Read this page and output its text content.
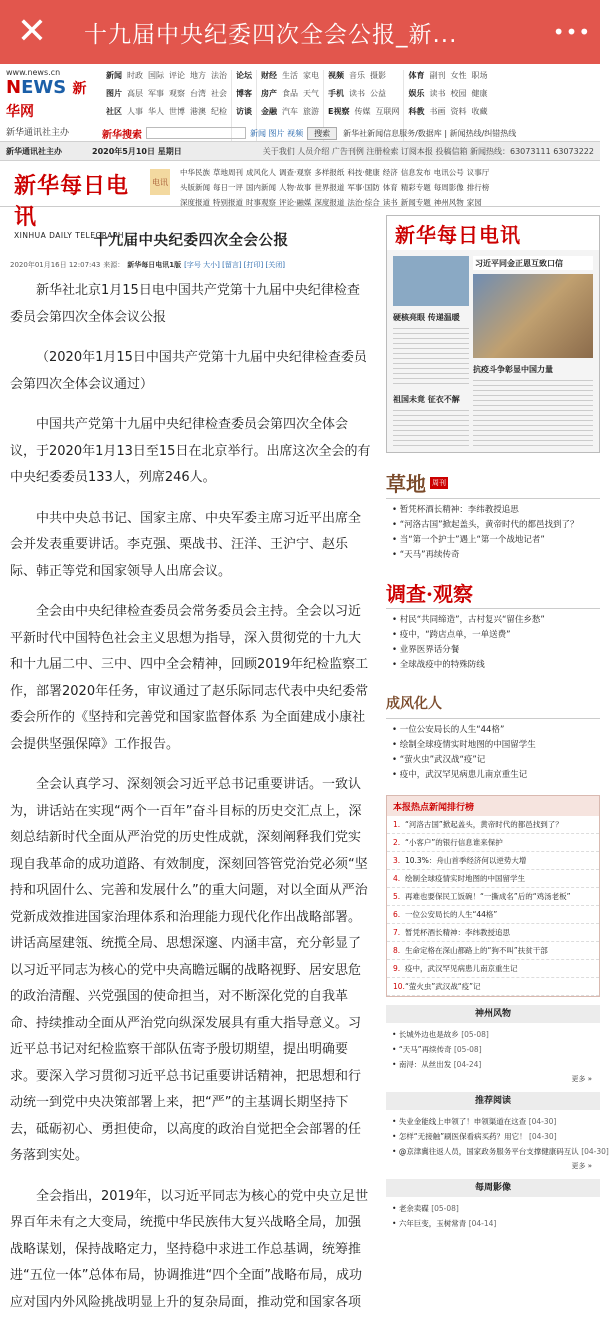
✕	十九届中央纪委四次全会公报_新...	•••
www.news.cn
NEWS 新华网
新华通讯社主办
新闻 时政 国际 评论 地方 法治
图片 高层 军事 观察 台湾 社会
社区 人事 华人 世博 港澳 纪检
论坛
博客
访谈
财经 生活 家电
房产 食品 天气
金融 汽车 旅游
视频 音乐 摄影
手机 读书 公益
E视察 传媒 互联网
体育 副刊 女性 职场
娱乐 读书 校园 健康
科教 书画 资料 收藏
新华搜索	新闻 图片 视频	搜索	新华社新闻信息服务/数据库 | 新闻热线/纠错热线
新华通讯社主办	2020年5月10日 星期日	关于我们 人员介绍 广告刊例 注册检索 订阅本报 投稿信箱 新闻热线：63073111 63073222
新华每日电讯
XINHUA DAILY TELEGRAPH
电讯
中华民族
头版新闻
深度报道
草地周刊
每日一评
特别报道
成风化人
国内新闻
时事观察
调查·观察
人物·故事
评论·融媒
多样报纸
世界报道
深度报道
科技·健康
军事·国防
法治·综合
经济
体育
读书
信息发布
精彩专题
新闻专题
电讯公号
每周影像
神州风物
议事厅
排行榜
家园
十九届中央纪委四次全会公报
2020年01月16日 12:07:43 来源： 新华每日电讯1版 [字号 大小] [留言] [打印] [关闭]

新华社北京1月15日电中国共产党第十九届中央纪律检查委员会第四次全体会议公报

（2020年1月15日中国共产党第十九届中央纪律检查委员会第四次全体会议通过）

中国共产党第十九届中央纪律检查委员会第四次全体会议，于2020年1月13日至15日在北京举行。出席这次全会的有中央纪委委员133人，列席246人。

中共中央总书记、国家主席、中央军委主席习近平出席全会并发表重要讲话。李克强、栗战书、汪洋、王沪宁、赵乐际、韩正等党和国家领导人出席会议。

全会由中央纪律检查委员会常务委员会主持。全会以习近平新时代中国特色社会主义思想为指导，深入贯彻党的十九大和十九届二中、三中、四中全会精神，回顾2019年纪检监察工作，部署2020年任务，审议通过了赵乐际同志代表中央纪委常委会所作的《坚持和完善党和国家监督体系 为全面建成小康社会提供坚强保障》工作报告。

全会认真学习、深刻领会习近平总书记重要讲话。一致认为，讲话站在实现“两个一百年”奋斗目标的历史交汇点上，深刻总结新时代全面从严治党的历史性成就，深刻阐释我们党实现自我革命的成功道路、有效制度，深刻回答管党治党必须“坚持和巩固什么、完善和发展什么”的重大问题，对以全面从严治党新成效推进国家治理体系和治理能力现代化作出战略部署。讲话高屋建瓴、统揽全局、思想深邃、内涵丰富，充分彰显了以习近平同志为核心的党中央高瞻远瞩的战略视野、居安思危的政治清醒、兴党强国的使命担当，对不断深化党的自我革命、持续推动全面从严治党向纵深发展具有重大指导意义。习近平总书记对纪检监察干部队伍寄予殷切期望，提出明确要求。要深入学习贯彻习近平总书记重要讲话精神，把思想和行动统一到党中央决策部署上来，把“严”的主基调长期坚持下去，砥砺初心、勇担使命，以高度的政治自觉把全会部署的任务落到实处。

全会指出，2019年，以习近平同志为核心的党中央立足世界百年未有之大变局，统揽中华民族伟大复兴战略全局，加强战略谋划，保持战略定力，坚持稳中求进工作总基调，统筹推进“五位一体”总体布局，协调推进“四个全面”战略布局，成功应对国内外风险挑战明显上升的复杂局面，推动党和国家各项

新华每日电讯
习近平同金正恩互致口信
硬核亮眼 传递温暖
抗疫斗争彰显中国力量
祖国未竟 征衣不解
草地 周刊
• 暂凭杯酒长精神：李纬教授追思
• “河洛古国”掀起盖头，黄帝时代的都邑找到了？
• 当“第一个护士”遇上“第一个战地记者”
• “天马”再续传奇
调查·观察
• 村民“共同缔造”，古村复兴“留住乡愁”
• 疫中，“跨店点单，一单送费”
• 业界医界话分餐
• 全球战疫中的特殊防线
成风化人
• 一位公安局长的人生“44格”
• 绘制全球疫情实时地图的中国留学生
• “萤火虫”武汉战“疫”记
• 疫中，武汉罕见病患儿南京重生记
本报热点新闻排行榜
1. “河洛古国”掀起盖头，黄帝时代的都邑找到了？
2. “小客户”的银行信息谁来保护
3. 10.3%：舟山首季经济何以逆势大增
4. 绘制全球疫情实时地图的中国留学生
5. 再难也要保民工饭碗！“一撕成名”后的“鸡汤老板”
6. 一位公安局长的人生“44格”
7. 暂凭杯酒长精神：李纬教授追思
8. 生命定格在深山都路上的“狗不叫”扶贫干部
9. 疫中，武汉罕见病患儿南京重生记
10. “萤火虫”武汉战“疫”记
神州风物
• 长城外边也是故乡 [05-08]
• “天马”再续传奇 [05-08]
• 南浔：从丝出发 [04-24]
更多 »
推荐阅读
• 失业金能线上申领了！申领渠道在这查 [04-30]
• 怎样“无接触”刷医保看病买药？用它！ [04-30]
• @京津冀往返人员，国家政务服务平台支撑健康码互认 [04-30]
更多 »
每周影像
• 老余卖碟 [05-08]
• 六年巨变，玉树常青 [04-14]
